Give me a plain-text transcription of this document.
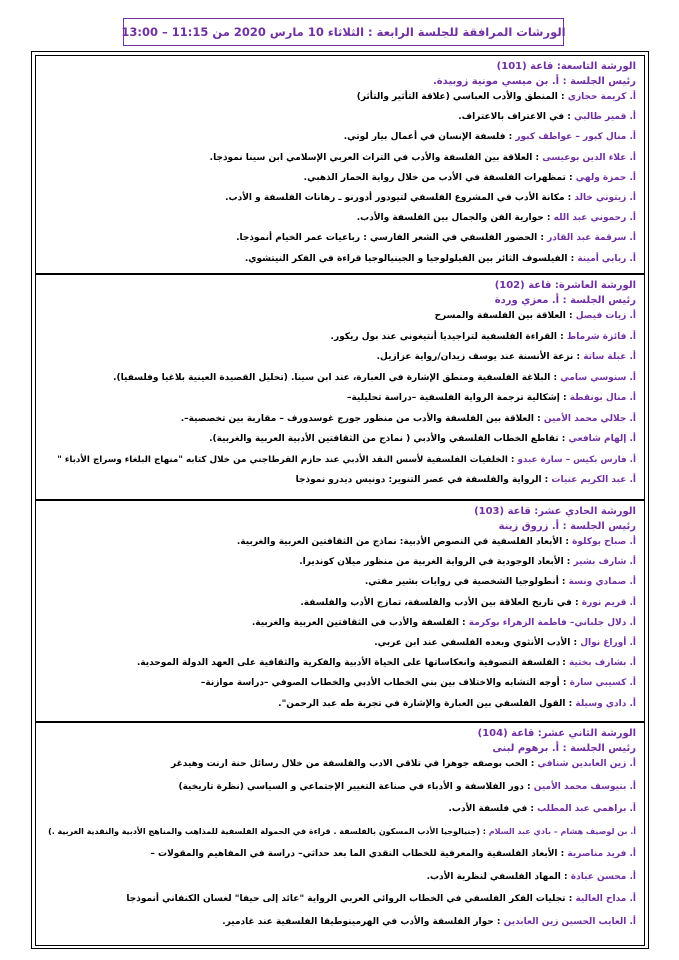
الورشات المرافقة للجلسة الرابعة : الثلاثاء 10 مارس 2020 من 11:15 – 13:00
الورشة التاسعة: قاعة (101)
رئيس الجلسة : أ. بن ميسي مونية زوبيدة.
أ. كريمة حجازي : المنطق والأدب العباسي (علاقة التأثير والتأثر)
أ. قمير طالبي : في الاعتراف بالاعتراف.
أ. منال كبور – عواطف كبور : فلسفة الإنسان في أعمال بيار لوتي.
أ. علاء الدين بوعيسى : العلاقة بين الفلسفة والأدب في التراث العربي الإسلامي ابن سينا نموذجا.
أ. حمزة ولهي : تمظهرات الفلسفة في الأدب من خلال رواية الحمار الذهبي.
أ. زيتوني خالد : مكانة الأدب في المشروع الفلسفي لتيودور أدورنو ـ رهانات الفلسفة و الأدب.
أ. رحموني عبد الله : حوارية الفن والجمال بين الفلسفة والأدب.
أ. سرقمة عبد القادر : الحضور الفلسفي في الشعر الفارسي : رباعيات عمر الخيام أنموذجا.
أ. ربابي أمينة : الفيلسوف الثائر بين الفيلولوجيا و الجينيالوجيا قراءة في الفكر النيتشوي.
الورشة العاشرة: قاعة (102)
رئيس الجلسة : أ. معزي وردة
أ. زيات فيصل : العلاقة بين الفلسفة والمسرح
أ. فائزة شرماط : القراءة الفلسفية لتراجيديا أنتيغوني عند بول ريكور.
أ. عبلة ساتة : نزعة الأنسنة عند يوسف زيدان/رواية عزازيل.
أ. سنوسي سامي : البلاغة الفلسفية ومنطق الإشارة في العبارة، عند ابن سينا. (تحليل القصيدة العينية بلاغيا وفلسفيا).
أ. منال بونقطة : إشكالية ترجمة الرواية الفلسفية –دراسة تحليلية–
أ. جلالي محمد الأمين : العلاقة بين الفلسفة والأدب من منظور جورج غوسدورف – مقاربة بين تخصصية–.
أ. إلهام شافعي : تقاطع الخطاب الفلسفي والأدبي ( نماذج من الثقافتين الأدبية العربية والغربية).
أ. فارس بكيس – سارة عبدو : الخلفيات الفلسفية لأسس النقد الأدبي عند حازم القرطاجني من خلال كتابه "منهاج البلغاء وسراج الأدباء "
أ. عبد الكريم عنيات : الرواية والفلسفة في عصر التنوير: دونيس ديدرو نموذجا
الورشة الحادي عشر: قاعة (103)
رئيس الجلسة : أ. زروق زينة
أ. صباح بوكلوة : الأبعاد الفلسفية في النصوص الأدبية: نماذج من الثقافتين العربية والغربية.
أ. شارف بشير : الأبعاد الوجودية في الرواية الغربية من منظور ميلان كونديرا.
أ. صمادي ونسة : أنطولوجيا الشخصية في روايات بشير مفتي.
أ. قريم نورة : في تاريخ العلاقة بين الأدب والفلسفة، تمازج الأدب والفلسفة.
أ. دلال جلباني– فاطمة الزهراء بوكرمة : الفلسفة والأدب في الثقافتين العربية والغربية.
أ. أوراغ نوال : الأدب الأنثوي وبعده الفلسفي عند ابن عربي.
أ. بشارف بختية : الفلسفة التصوفية وانعكاساتها على الحياة الأدبية والفكرية والثقافية على العهد الدولة الموحدية.
أ. كسيبي سارة : أوجه التشابه والاختلاف بين بني الخطاب الأدبي والخطاب الصوفي –دراسة موازنة–
أ. دادي وسيلة : القول الفلسفي بين العبارة والإشارة في تجربة طه عبد الرحمن".
الورشة الثاني عشر: قاعة (104)
رئيس الجلسة : أ. برهوم لبنى
أ. زين العابدين شنافي : الحب بوصفه جوهرا في تلاقي الادب والفلسفة من خلال رسائل حنة ارنت وهيدغر
أ. بنيوسف محمد الأمين : دور الفلاسفة و الأدباء في صناعة التغيير الإجتماعي و السياسي (نظرة تاريخية)
أ. براهمي عبد المطلب : في فلسفة الأدب.
أ. بن لوصيف هشام – بادي عبد السلام : (جنيالوجيا الأدب المسكون بالفلسفة . قراءة في الحمولة الفلسفية للمذاهب والمناهج الأدبية والنقدية الغربية .)
أ. فريد مناصرية : الأبعاد الفلسفية والمعرفية للخطاب النقدي الما بعد حداثي– دراسة في المفاهيم والمقولات –
أ. محسن عبادة : المهاد الفلسفي لنظرية الأدب.
أ. مداح العالية : تجليات الفكر الفلسفي في الخطاب الروائي العربي الرواية "عائد إلى حيفا" لغسان الكنفاني أنموذجا
أ. العايب الحسين زين العابدين : حوار الفلسفة والأدب في الهرمينوطيقا الفلسفية عند غادمير.
